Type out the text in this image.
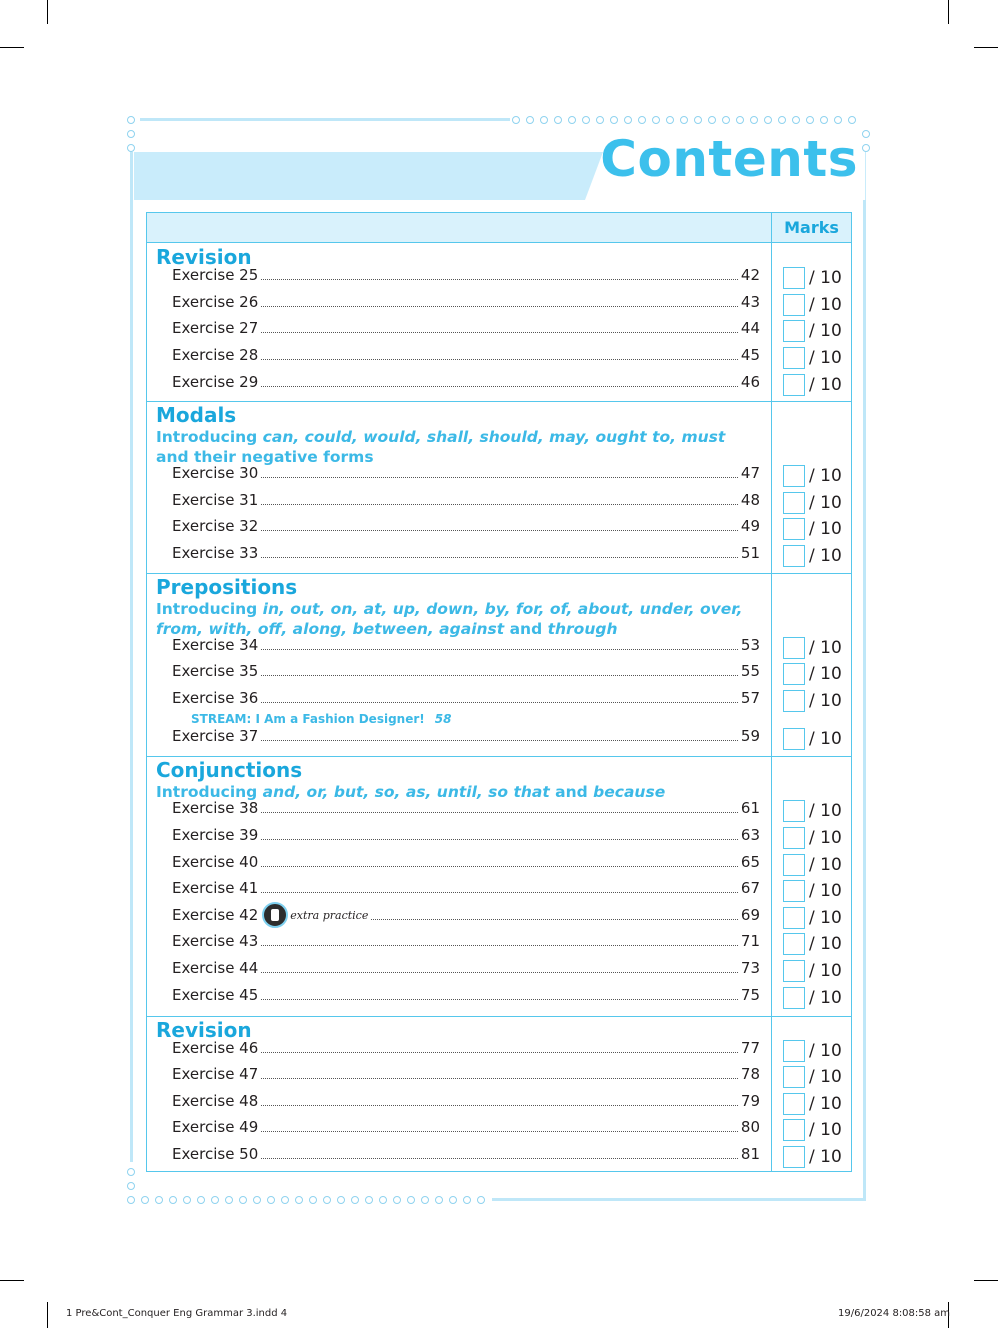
Contents
Marks
Revision
Exercise 25	42	/ 10
Exercise 26	43	/ 10
Exercise 27	44	/ 10
Exercise 28	45	/ 10
Exercise 29	46	/ 10
Modals
Introducing can, could, would, shall, should, may, ought to, must and their negative forms
Exercise 30	47	/ 10
Exercise 31	48	/ 10
Exercise 32	49	/ 10
Exercise 33	51	/ 10
Prepositions
Introducing in, out, on, at, up, down, by, for, of, about, under, over, from, with, off, along, between, against and through
Exercise 34	53	/ 10
Exercise 35	55	/ 10
Exercise 36	57	/ 10
Exercise 37	59	/ 10
STREAM: I Am a Fashion Designer! 58
Conjunctions
Introducing and, or, but, so, as, until, so that and because
Exercise 38	61	/ 10
Exercise 39	63	/ 10
Exercise 40	65	/ 10
Exercise 41	67	/ 10
Exercise 42	extra practice	69	/ 10
Exercise 43	71	/ 10
Exercise 44	73	/ 10
Exercise 45	75	/ 10
Revision
Exercise 46	77	/ 10
Exercise 47	78	/ 10
Exercise 48	79	/ 10
Exercise 49	80	/ 10
Exercise 50	81	/ 10
1 Pre&Cont_Conquer Eng Grammar 3.indd 4	19/6/2024 8:08:58 am
